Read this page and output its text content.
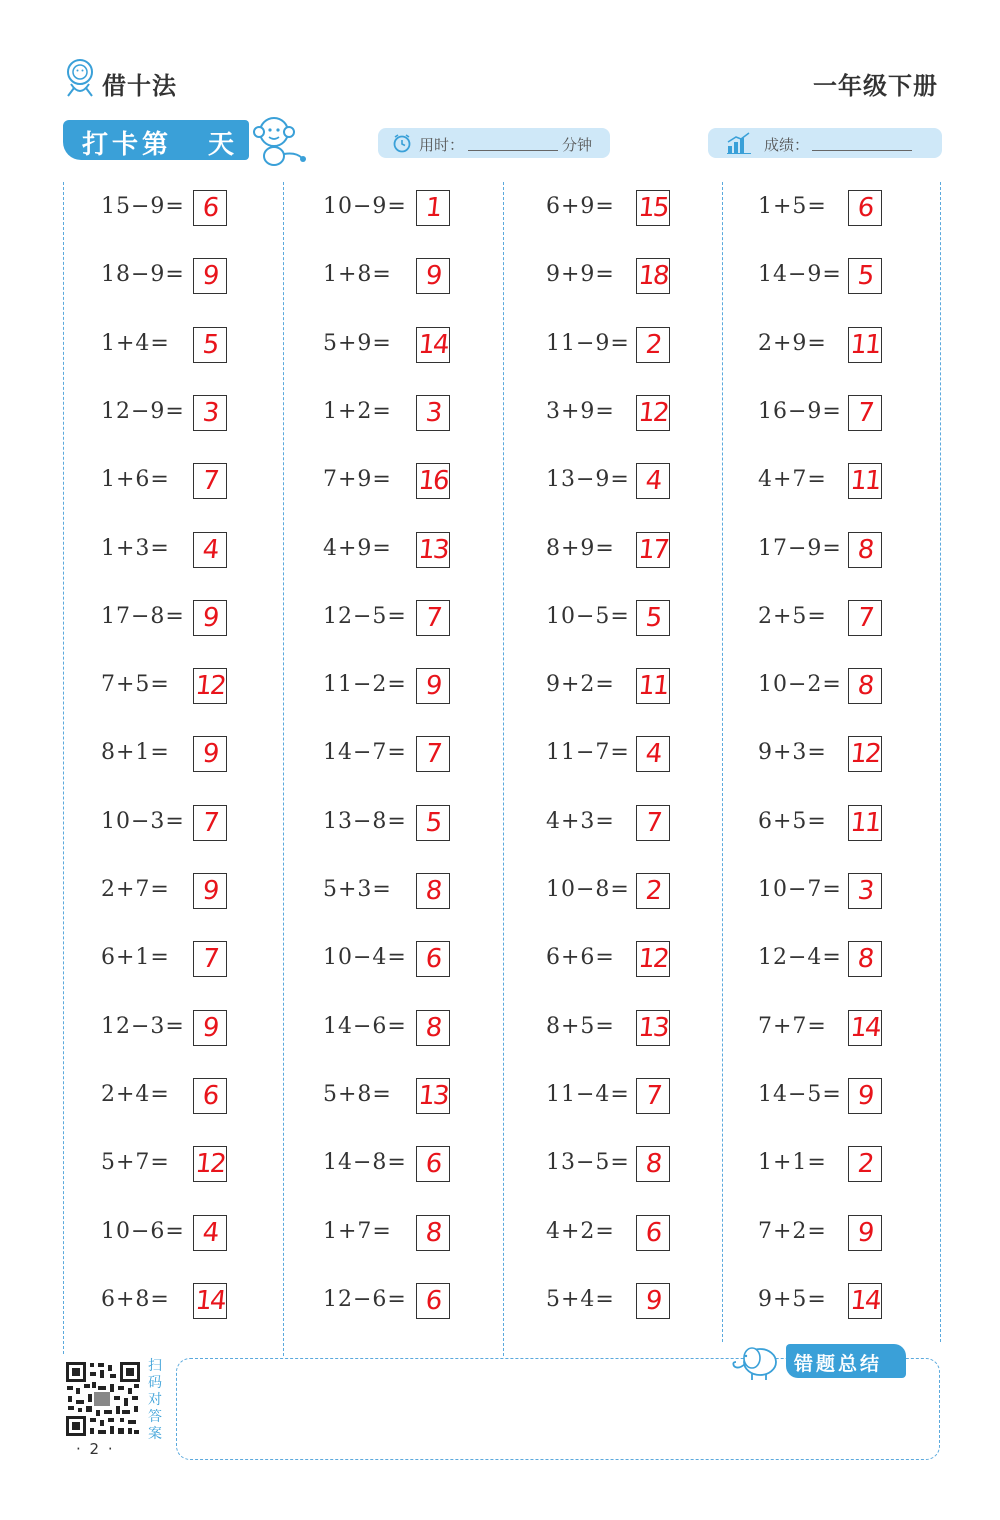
借十法	一年级下册
打卡第 天	用时：	分钟	成绩：
15−9= 6
18−9= 9
1+4=	5
12−9= 3
1+6=	7
1+3=	4
17−8= 9
7+5= 12
8+1=	9
10−3= 7
2+7=	9
6+1=	7
12−3= 9
2+4=	6
5+7= 12
10−6= 4
6+8= 14
10−9= 1
1+8=	9
5+9= 14
1+2=	3
7+9= 16
4+9= 13
12−5= 7
11−2= 9
14−7= 7
13−8= 5
5+3=	8
10−4= 6
14−6= 8
5+8= 13
14−8= 6
1+7=	8
12−6= 6
6+9= 15
9+9= 18
11−9= 2
3+9= 12
13−9= 4
8+9= 17
10−5= 5
9+2= 11
11−7= 4
4+3=	7
10−8= 2
6+6= 12
8+5= 13
11−4= 7
13−5= 8
4+2=	6
5+4=	9
1+5=	6
14−9= 5
2+9= 11
16−9= 7
4+7= 11
17−9= 8
2+5=	7
10−2= 8
9+3= 12
6+5= 11
10−7= 3
12−4= 8
7+7= 14
14−5= 9
1+1=	2
7+2=	9
9+5= 14
错题总结
扫码对答案
· 2 ·
